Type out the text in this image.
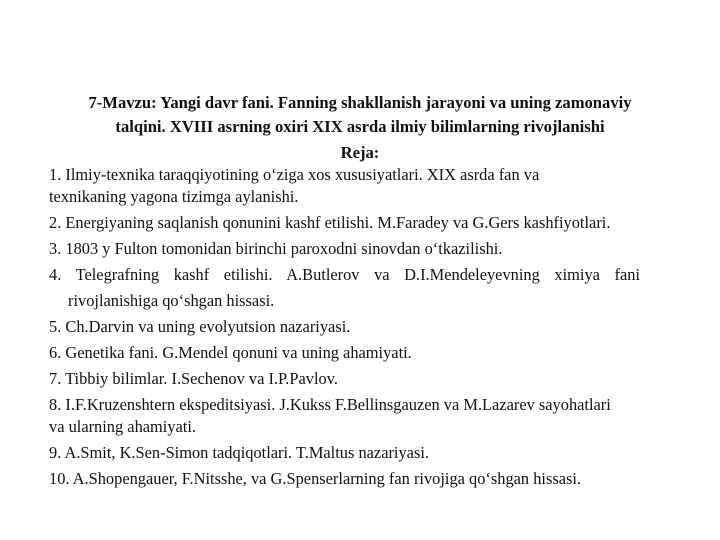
7-Mavzu: Yangi davr fani. Fanning shakllanish jarayoni va uning zamonaviy
talqini. XVIII asrning oxiri XIX asrda ilmiy bilimlarning rivojlanishi
Reja:
1. Ilmiy-texnika taraqqiyotining o‘ziga xos xususiyatlari. XIX asrda fan va
texnikaning yagona tizimga aylanishi.
2. Energiyaning saqlanish qonunini kashf etilishi. M.Faradey va G.Gers kashfiyotlari.
3. 1803 y Fulton tomonidan birinchi paroxodni sinovdan o‘tkazilishi.
4. Telegrafning kashf etilishi. A.Butlerov va D.I.Mendeleyevning ximiya fani
rivojlanishiga qo‘shgan hissasi.
5. Ch.Darvin va uning evolyutsion nazariyasi.
6. Genetika fani. G.Mendel qonuni va uning ahamiyati.
7. Tibbiy bilimlar. I.Sechenov va I.P.Pavlov.
8. I.F.Kruzenshtern ekspeditsiyasi. J.Kukss F.Bellinsgauzen va M.Lazarev sayohatlari
va ularning ahamiyati.
9. A.Smit, K.Sen-Simon tadqiqotlari. T.Maltus nazariyasi.
10. A.Shopengauer, F.Nitsshe, va G.Spenserlarning fan rivojiga qo‘shgan hissasi.
